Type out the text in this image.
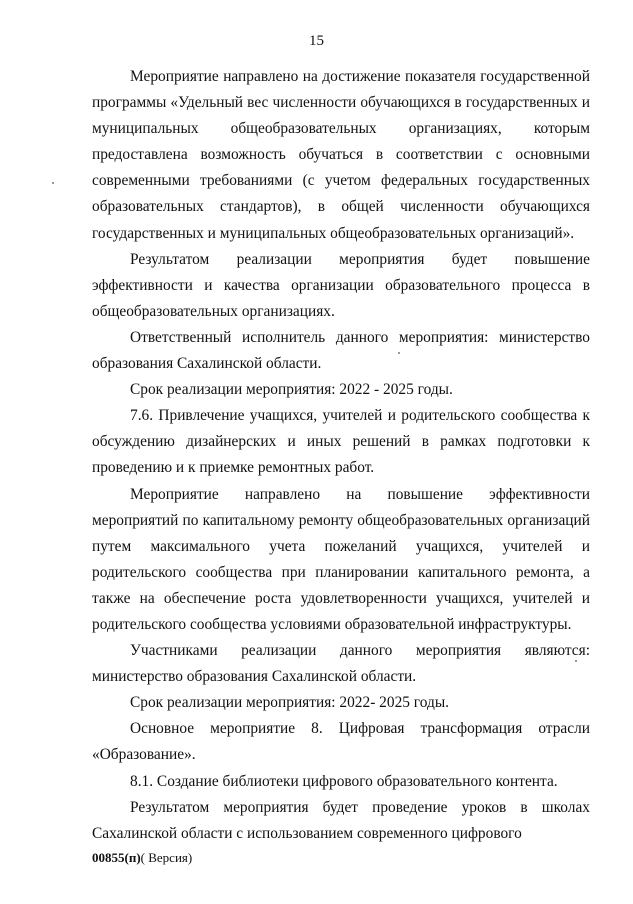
15

Мероприятие направлено на достижение показателя государственной программы «Удельный вес численности обучающихся в государственных и муниципальных общеобразовательных организациях, которым предоставлена возможность обучаться в соответствии с основными современными требованиями (с учетом федеральных государственных образовательных стандартов), в общей численности обучающихся государственных и муниципальных общеобразовательных организаций».

Результатом реализации мероприятия будет повышение эффективности и качества организации образовательного процесса в общеобразовательных организациях.

Ответственный исполнитель данного мероприятия: министерство образования Сахалинской области.

Срок реализации мероприятия: 2022 - 2025 годы.

7.6. Привлечение учащихся, учителей и родительского сообщества к обсуждению дизайнерских и иных решений в рамках подготовки к проведению и к приемке ремонтных работ.

Мероприятие направлено на повышение эффективности мероприятий по капитальному ремонту общеобразовательных организаций путем максимального учета пожеланий учащихся, учителей и родительского сообщества при планировании капитального ремонта, а также на обеспечение роста удовлетворенности учащихся, учителей и родительского сообщества условиями образовательной инфраструктуры.

Участниками реализации данного мероприятия являются: министерство образования Сахалинской области.

Срок реализации мероприятия: 2022- 2025 годы.

Основное мероприятие 8. Цифровая трансформация отрасли «Образование».

8.1. Создание библиотеки цифрового образовательного контента.

Результатом мероприятия будет проведение уроков в школах Сахалинской области с использованием современного цифрового

00855(п)( Версия)
